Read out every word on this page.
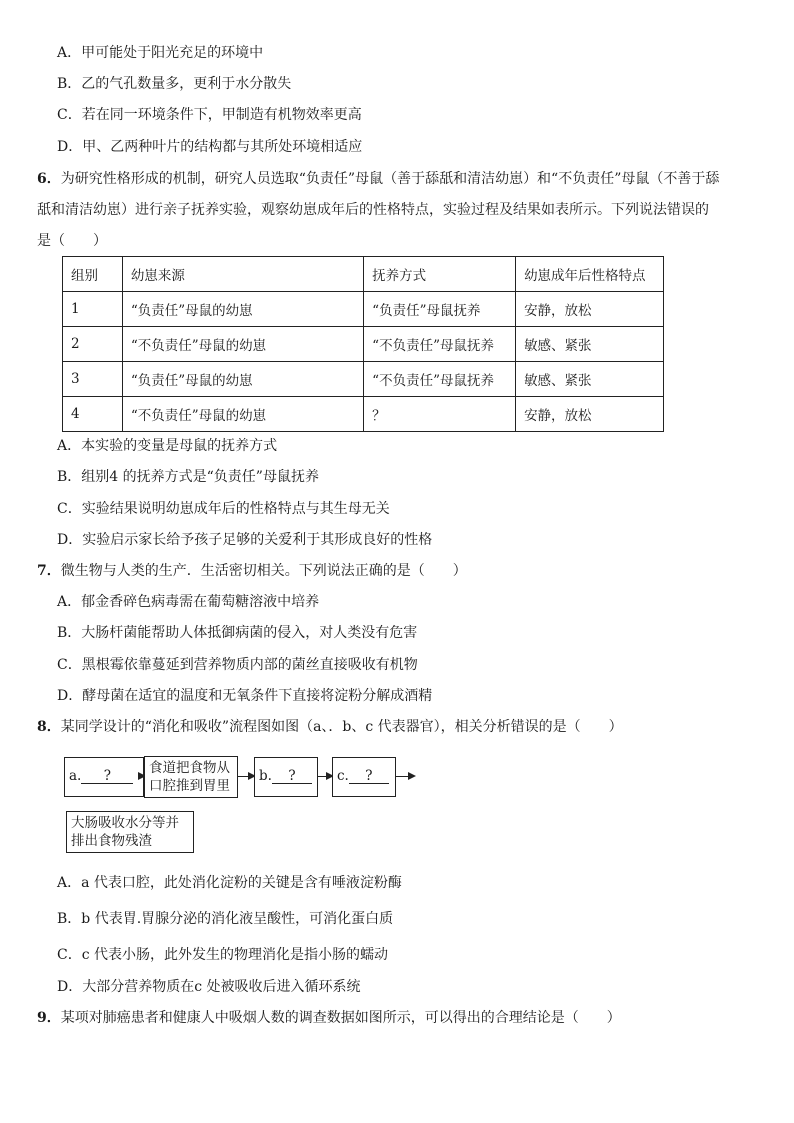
A．甲可能处于阳光充足的环境中
B．乙的气孔数量多，更利于水分散失
C．若在同一环境条件下，甲制造有机物效率更高
D．甲、乙两种叶片的结构都与其所处环境相适应
6．为研究性格形成的机制，研究人员选取“负责任”母鼠（善于舔舐和清洁幼崽）和“不负责任”母鼠（不善于舔
舐和清洁幼崽）进行亲子抚养实验，观察幼崽成年后的性格特点，实验过程及结果如表所示。下列说法错误的
是（　　）
组别	幼崽来源	抚养方式	幼崽成年后性格特点
1	“负责任”母鼠的幼崽	“负责任”母鼠抚养	安静，放松
2	“不负责任”母鼠的幼崽	“不负责任”母鼠抚养	敏感、紧张
3	“负责任”母鼠的幼崽	“不负责任”母鼠抚养	敏感、紧张
4	“不负责任”母鼠的幼崽	？	安静，放松
A．本实验的变量是母鼠的抚养方式
B．组别4 的抚养方式是“负责任”母鼠抚养
C．实验结果说明幼崽成年后的性格特点与其生母无关
D．实验启示家长给予孩子足够的关爱利于其形成良好的性格
7．微生物与人类的生产．生活密切相关。下列说法正确的是（　　）
A．郁金香碎色病毒需在葡萄糖溶液中培养
B．大肠杆菌能帮助人体抵御病菌的侵入，对人类没有危害
C．黑根霉依靠蔓延到营养物质内部的菌丝直接吸收有机物
D．酵母菌在适宜的温度和无氧条件下直接将淀粉分解成酒精
8．某同学设计的“消化和吸收”流程图如图（a、．b、c 代表器官），相关分析错误的是（　　）
a. ?	食道把食物从
口腔推到胃里
b. ?	c. ?
大肠吸收水分等并
排出食物残渣
A．a 代表口腔，此处消化淀粉的关键是含有唾液淀粉酶
B．b 代表胃.胃腺分泌的消化液呈酸性，可消化蛋白质
C．c 代表小肠，此外发生的物理消化是指小肠的蠕动
D．大部分营养物质在c 处被吸收后进入循环系统
9．某项对肺癌患者和健康人中吸烟人数的调查数据如图所示，可以得出的合理结论是（　　）
